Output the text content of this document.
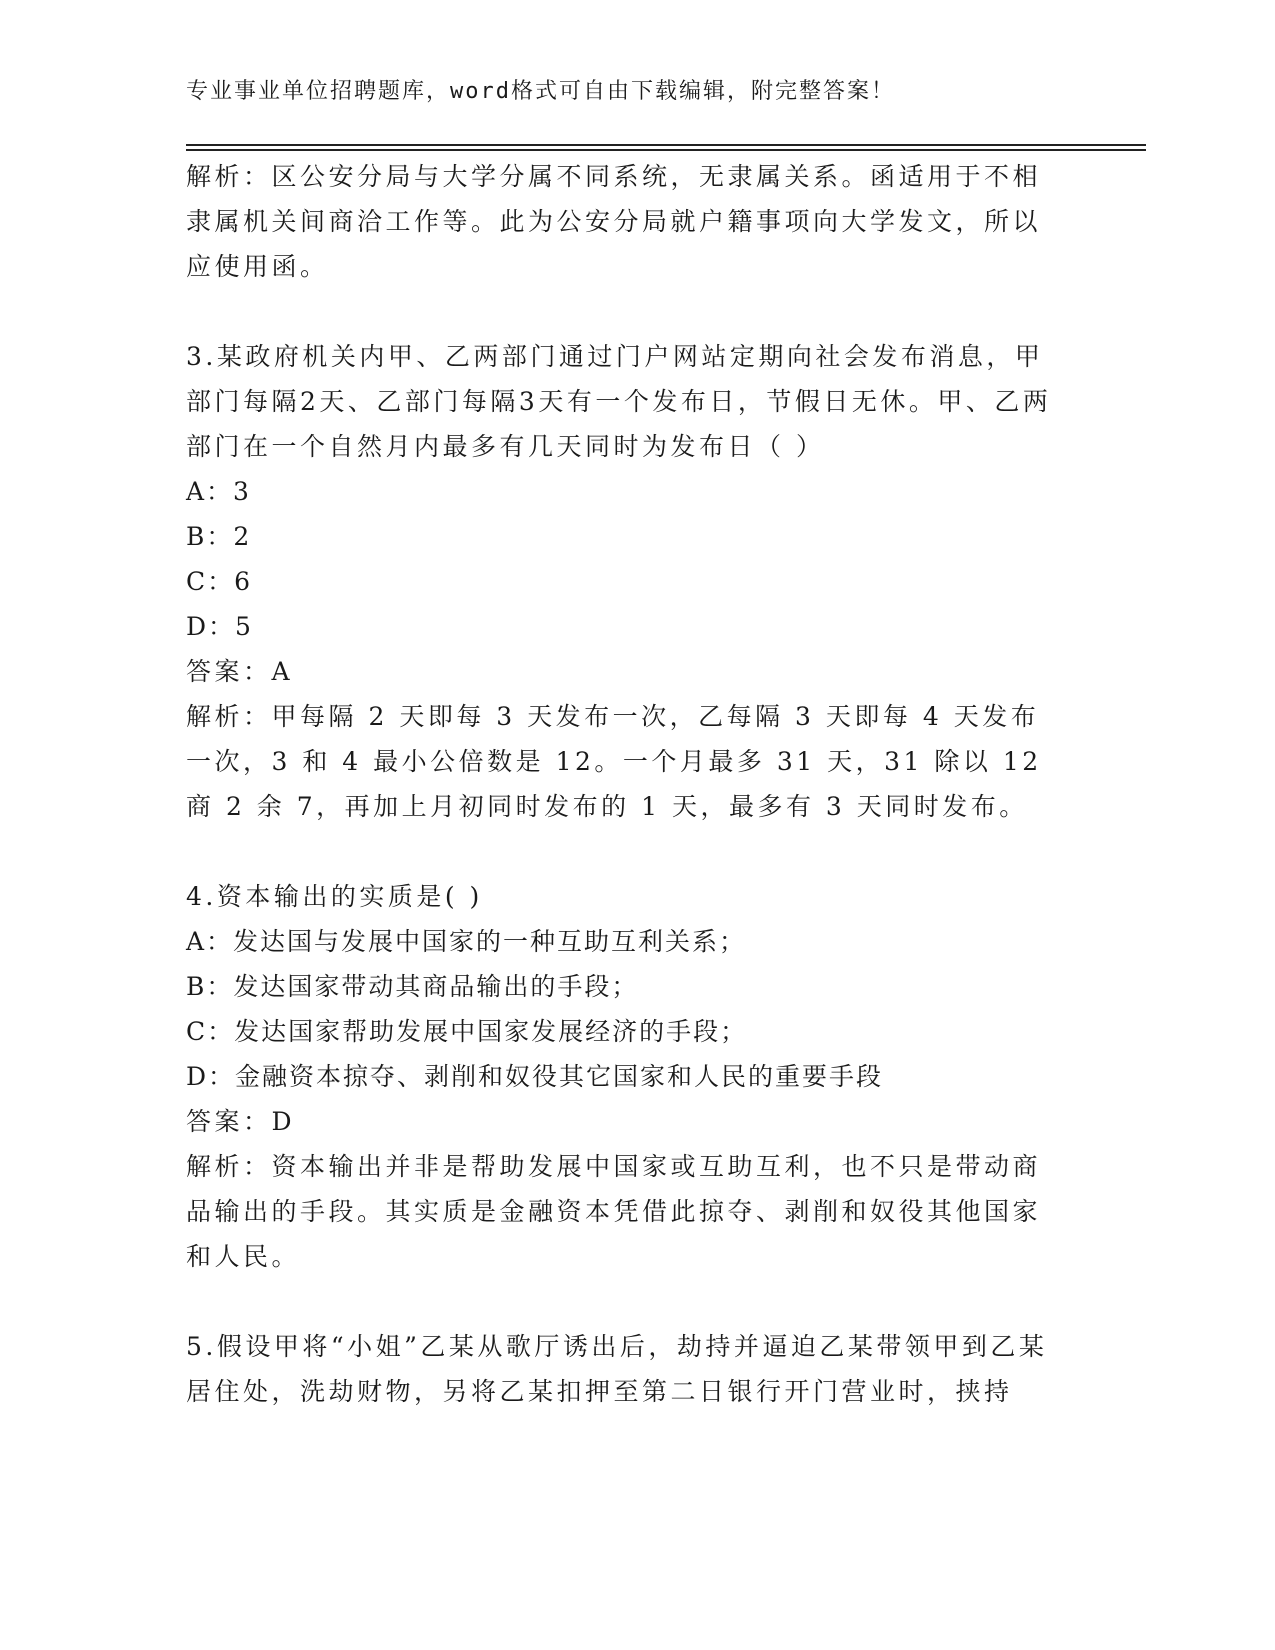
专业事业单位招聘题库，word格式可自由下载编辑，附完整答案！

解析：区公安分局与大学分属不同系统，无隶属关系。函适用于不相隶属机关间商洽工作等。此为公安分局就户籍事项向大学发文，所以应使用函。

3.某政府机关内甲、乙两部门通过门户网站定期向社会发布消息，甲部门每隔2天、乙部门每隔3天有一个发布日，节假日无休。甲、乙两部门在一个自然月内最多有几天同时为发布日（ ）

A：3

B：2

C：6

D：5

答案：A

解析：甲每隔 2 天即每 3 天发布一次，乙每隔 3 天即每 4 天发布一次，3 和 4 最小公倍数是 12。一个月最多 31 天，31 除以 12 商 2 余 7，再加上月初同时发布的 1 天，最多有 3 天同时发布。

4.资本输出的实质是( )

A：发达国与发展中国家的一种互助互利关系；

B：发达国家带动其商品输出的手段；

C：发达国家帮助发展中国家发展经济的手段；

D：金融资本掠夺、剥削和奴役其它国家和人民的重要手段

答案：D

解析：资本输出并非是帮助发展中国家或互助互利，也不只是带动商品输出的手段。其实质是金融资本凭借此掠夺、剥削和奴役其他国家和人民。

5.假设甲将“小姐”乙某从歌厅诱出后，劫持并逼迫乙某带领甲到乙某居住处，洗劫财物，另将乙某扣押至第二日银行开门营业时，挟持
